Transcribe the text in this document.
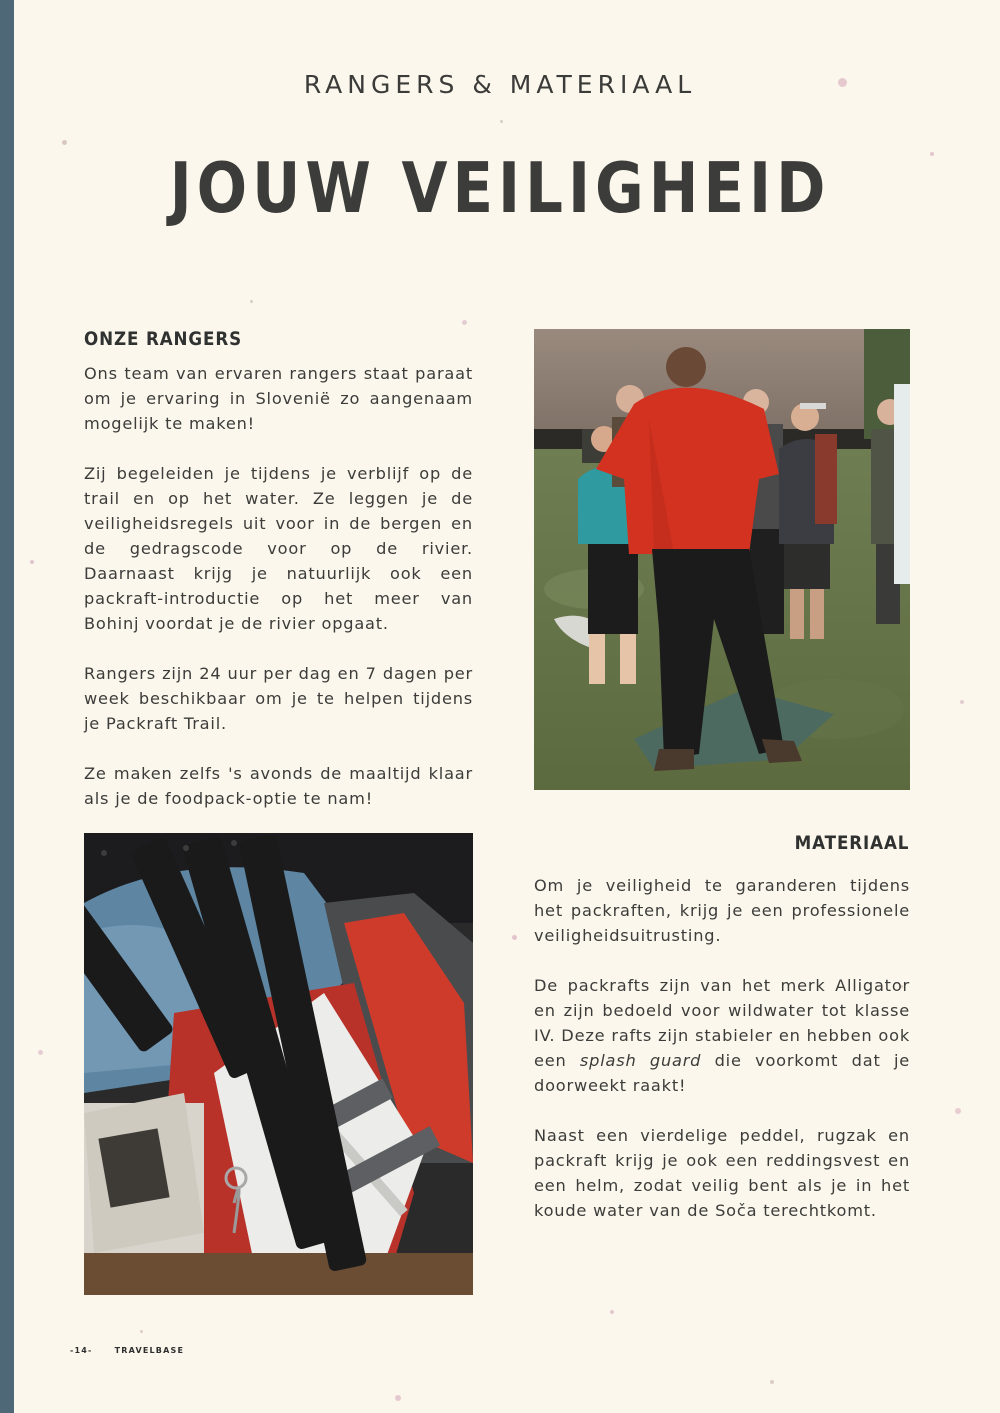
RANGERS & MATERIAAL
JOUW VEILIGHEID
ONZE RANGERS

Ons team van ervaren rangers staat paraat om je ervaring in Slovenië zo aangenaam mogelijk te maken!

Zij begeleiden je tijdens je verblijf op de trail en op het water. Ze leggen je de veiligheidsregels uit voor in de bergen en de gedragscode voor op de rivier. Daarnaast krijg je natuurlijk ook een packraft-introductie op het meer van Bohinj voordat je de rivier opgaat.

Rangers zijn 24 uur per dag en 7 dagen per week beschikbaar om je te helpen tijdens je Packraft Trail.

Ze maken zelfs 's avonds de maaltijd klaar als je de foodpack-optie te nam!

MATERIAAL

Om je veiligheid te garanderen tijdens het packraften, krijg je een professionele veiligheidsuitrusting.

De packrafts zijn van het merk Alligator en zijn bedoeld voor wildwater tot klasse IV. Deze rafts zijn stabieler en hebben ook een splash guard die voorkomt dat je doorweekt raakt!

Naast een vierdelige peddel, rugzak en packraft krijg je ook een reddingsvest en een helm, zodat veilig bent als je in het koude water van de Soča terechtkomt.

-14-	TRAVELBASE
